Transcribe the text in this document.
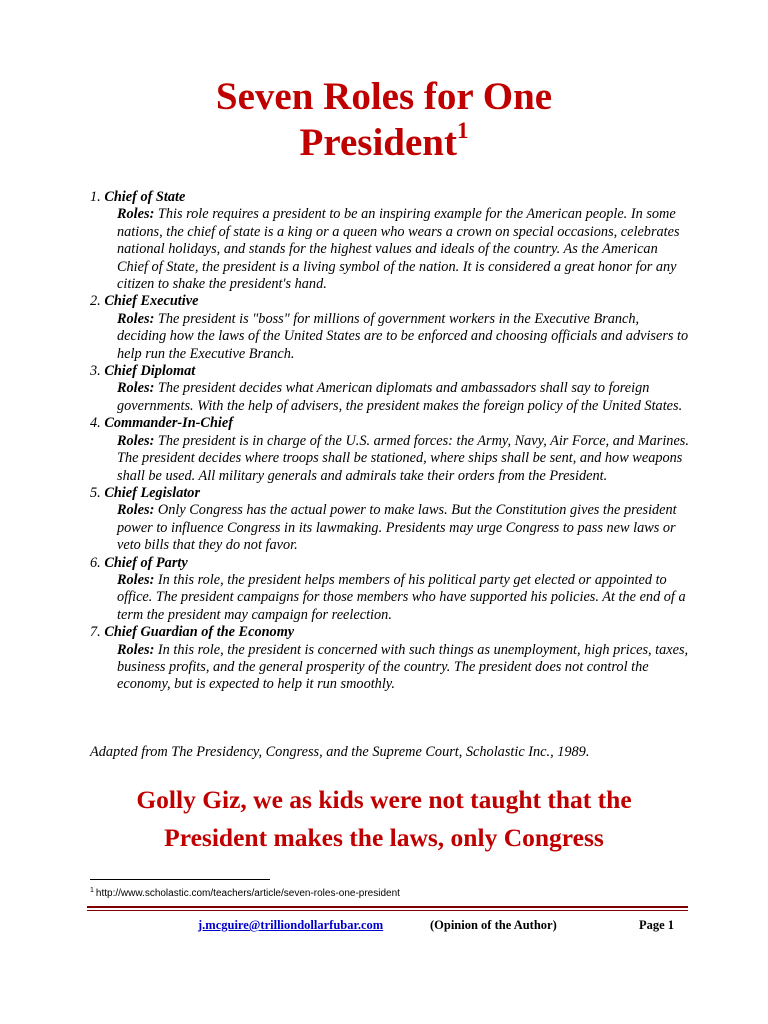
Seven Roles for One
President$^1$
1. Chief of State
Roles: This role requires a president to be an inspiring example for the American people. In some nations, the chief of state is a king or a queen who wears a crown on special occasions, celebrates national holidays, and stands for the highest values and ideals of the country. As the American Chief of State, the president is a living symbol of the nation. It is considered a great honor for any citizen to shake the president's hand.
2. Chief Executive
Roles: The president is "boss" for millions of government workers in the Executive Branch, deciding how the laws of the United States are to be enforced and choosing officials and advisers to help run the Executive Branch.
3. Chief Diplomat
Roles: The president decides what American diplomats and ambassadors shall say to foreign governments. With the help of advisers, the president makes the foreign policy of the United States.
4. Commander-In-Chief
Roles: The president is in charge of the U.S. armed forces: the Army, Navy, Air Force, and Marines. The president decides where troops shall be stationed, where ships shall be sent, and how weapons shall be used. All military generals and admirals take their orders from the President.
5. Chief Legislator
Roles: Only Congress has the actual power to make laws. But the Constitution gives the president power to influence Congress in its lawmaking. Presidents may urge Congress to pass new laws or veto bills that they do not favor.
6. Chief of Party
Roles: In this role, the president helps members of his political party get elected or appointed to office. The president campaigns for those members who have supported his policies. At the end of a term the president may campaign for reelection.
7. Chief Guardian of the Economy
Roles: In this role, the president is concerned with such things as unemployment, high prices, taxes, business profits, and the general prosperity of the country. The president does not control the economy, but is expected to help it run smoothly.
Adapted from The Presidency, Congress, and the Supreme Court, Scholastic Inc., 1989.
Golly Giz, we as kids were not taught that the
President makes the laws, only Congress
$^1$ http://www.scholastic.com/teachers/article/seven-roles-one-president
j.mcguire@trilliondollarfubar.com	(Opinion of the Author)	Page 1
